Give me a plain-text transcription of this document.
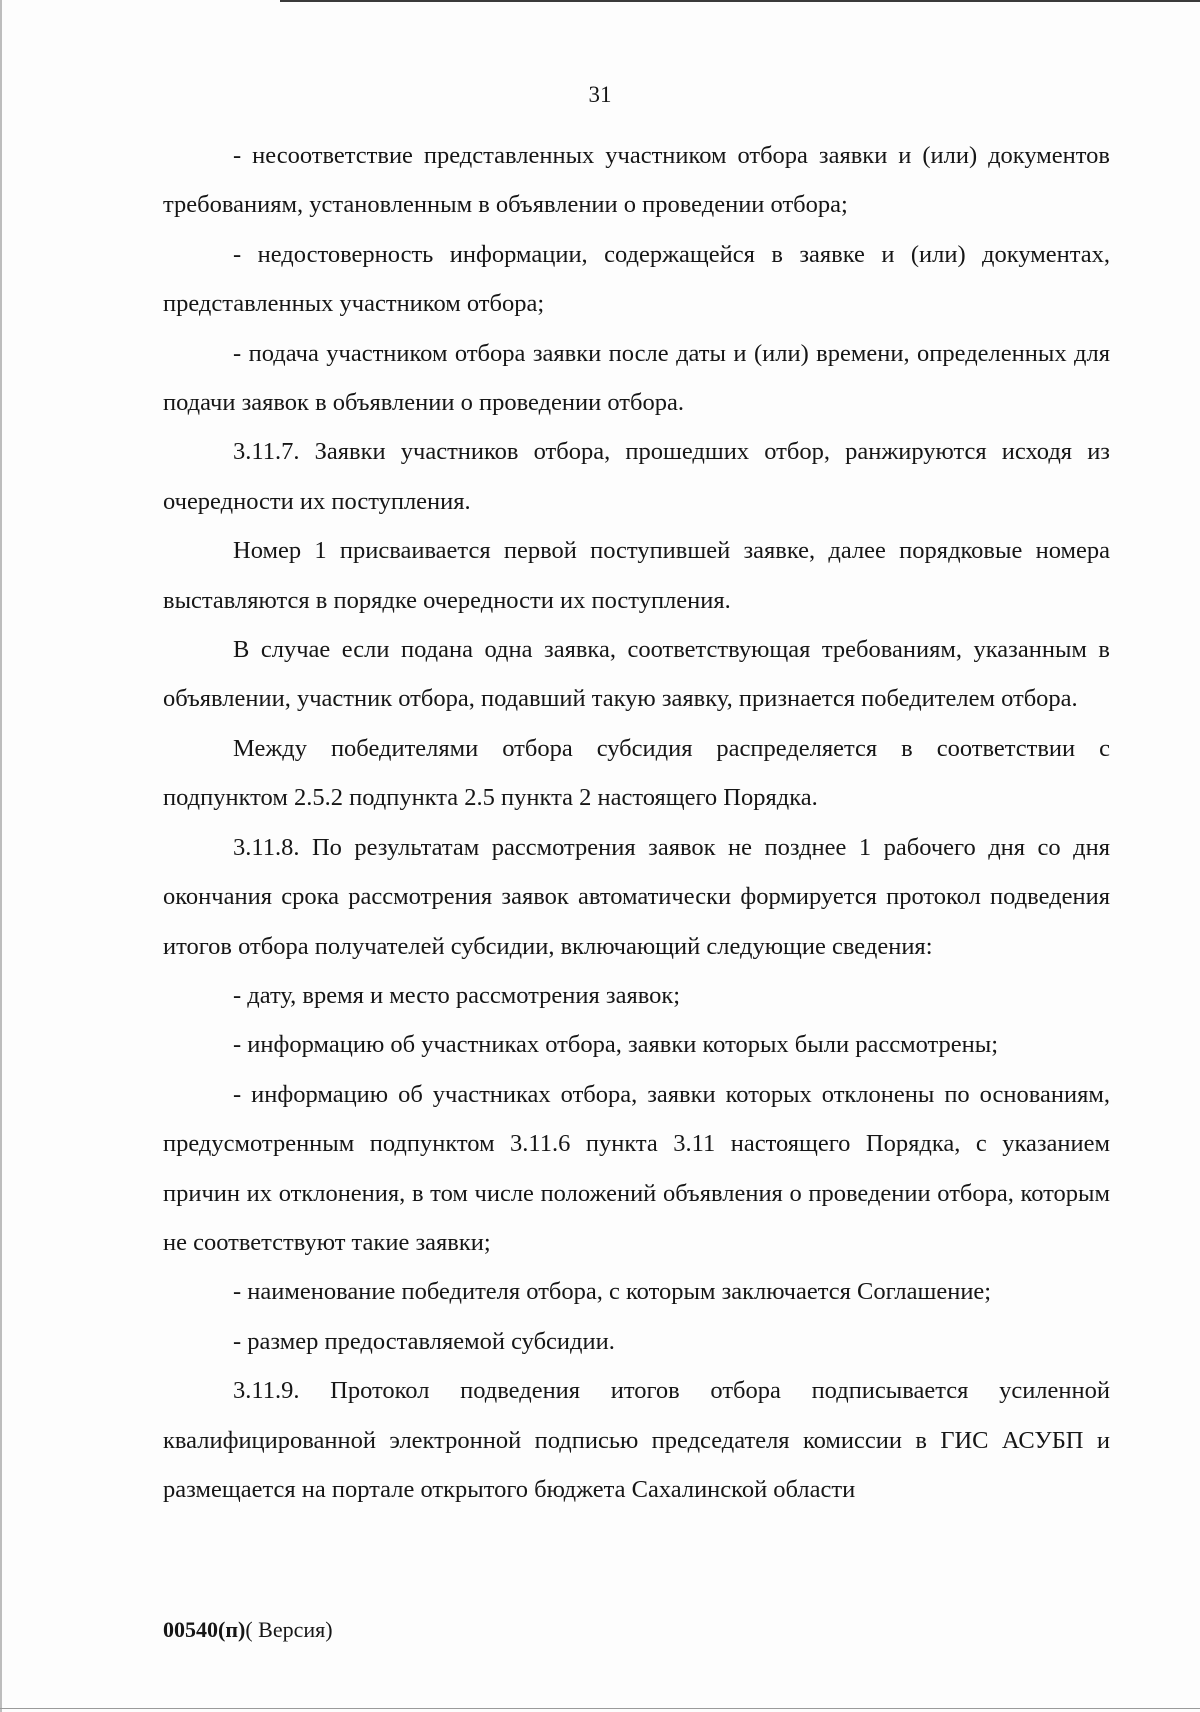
31

- несоответствие представленных участником отбора заявки и (или) документов требованиям, установленным в объявлении о проведении отбора;

- недостоверность информации, содержащейся в заявке и (или) документах, представленных участником отбора;

- подача участником отбора заявки после даты и (или) времени, определенных для подачи заявок в объявлении о проведении отбора.

3.11.7. Заявки участников отбора, прошедших отбор, ранжируются исходя из очередности их поступления.

Номер 1 присваивается первой поступившей заявке, далее порядковые номера выставляются в порядке очередности их поступления.

В случае если подана одна заявка, соответствующая требованиям, указанным в объявлении, участник отбора, подавший такую заявку, признается победителем отбора.

Между победителями отбора субсидия распределяется в соответствии с подпунктом 2.5.2 подпункта 2.5 пункта 2 настоящего Порядка.

3.11.8. По результатам рассмотрения заявок не позднее 1 рабочего дня со дня окончания срока рассмотрения заявок автоматически формируется протокол подведения итогов отбора получателей субсидии, включающий следующие сведения:

- дату, время и место рассмотрения заявок;

- информацию об участниках отбора, заявки которых были рассмотрены;

- информацию об участниках отбора, заявки которых отклонены по основаниям, предусмотренным подпунктом 3.11.6 пункта 3.11 настоящего Порядка, с указанием причин их отклонения, в том числе положений объявления о проведении отбора, которым не соответствуют такие заявки;

- наименование победителя отбора, с которым заключается Соглашение;

- размер предоставляемой субсидии.

3.11.9. Протокол подведения итогов отбора подписывается усиленной квалифицированной электронной подписью председателя комиссии в ГИС АСУБП и размещается на портале открытого бюджета Сахалинской области

00540(п)( Версия)
